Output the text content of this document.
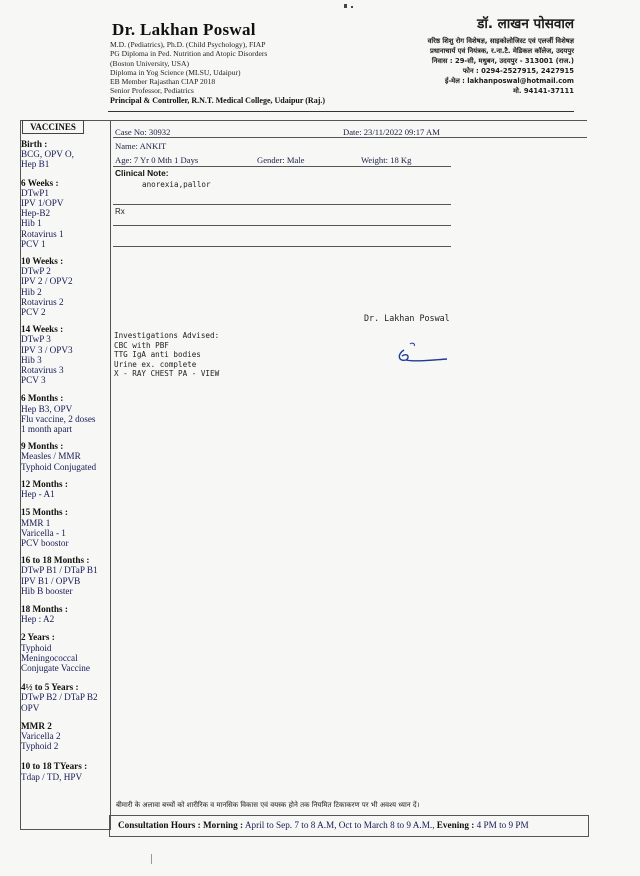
Dr. Lakhan Poswal
M.D. (Pediatrics), Ph.D. (Child Psychology), FIAP
PG Diploma in Ped. Nutrition and Atopic Disorders
(Boston University, USA)
Diploma in Yog Science (MLSU, Udaipur)
EB Member Rajasthan CIAP 2018
Senior Professor, Pediatrics
Principal & Controller, R.N.T. Medical College, Udaipur (Raj.)
डॉ. लाखन पोसवाल
वरिष्ठ शिशु रोग विशेषज्ञ, साइकोलोजिस्ट एवं एलर्जी विशेषज्ञ
प्रधानाचार्य एवं नियंत्रक, र.ना.टै. मेडिकल कॉलेज, उदयपुर
निवास : 29-सी, मधुबन, उदयपुर - 313001 (राज.)
फोन : 0294-2527915, 2427915
ई-मेल : lakhanposwal@hotmail.com
मो. 94141-37111
VACCINES
Birth :
BCG, OPV O,
Hep B1
6 Weeks :
DTwP1
IPV 1/OPV
Hep-B2
Hib 1
Rotavirus 1
PCV 1
10 Weeks :
DTwP 2
IPV 2 / OPV2
Hib 2
Rotavirus 2
PCV 2
14 Weeks :
DTwP 3
IPV 3 / OPV3
Hib 3
Rotavirus 3
PCV 3
6 Months :
Hep B3, OPV
Flu vaccine, 2 doses
1 month apart
9 Months :
Measles / MMR
Typhoid Conjugated
12 Months :
Hep - A1
15 Months :
MMR 1
Varicella - 1
PCV boostor
16 to 18 Months :
DTwP B1 / DTaP B1
IPV B1 / OPVB
Hib B booster
18 Months :
Hep : A2
2 Years :
Typhoid
Meningococcal
Conjugate Vaccine
4½ to 5 Years :
DTwP B2 / DTaP B2
OPV
MMR 2
Varicella 2
Typhoid 2
10 to 18 TYears :
Tdap / TD, HPV
Case No: 30932	Date: 23/11/2022 09:17 AM
Name: ANKIT
Age: 7 Yr 0 Mth 1 Days	Gender: Male	Weight: 18 Kg
Clinical Note:
anorexia,pallor
Rx
Dr. Lakhan Poswal
Investigations Advised:
CBC with PBF
TTG IgA anti bodies
Urine ex. complete
X - RAY CHEST PA - VIEW
बीमारी के अलावा बच्चों को शारीरिक व मानसिक विकास एवं वयस्क होने तक नियमित टिकाकरण पर भी अवश्य ध्यान दें।
Consultation Hours : Morning : April to Sep. 7 to 8 A.M, Oct to March 8 to 9 A.M., Evening : 4 PM to 9 PM
